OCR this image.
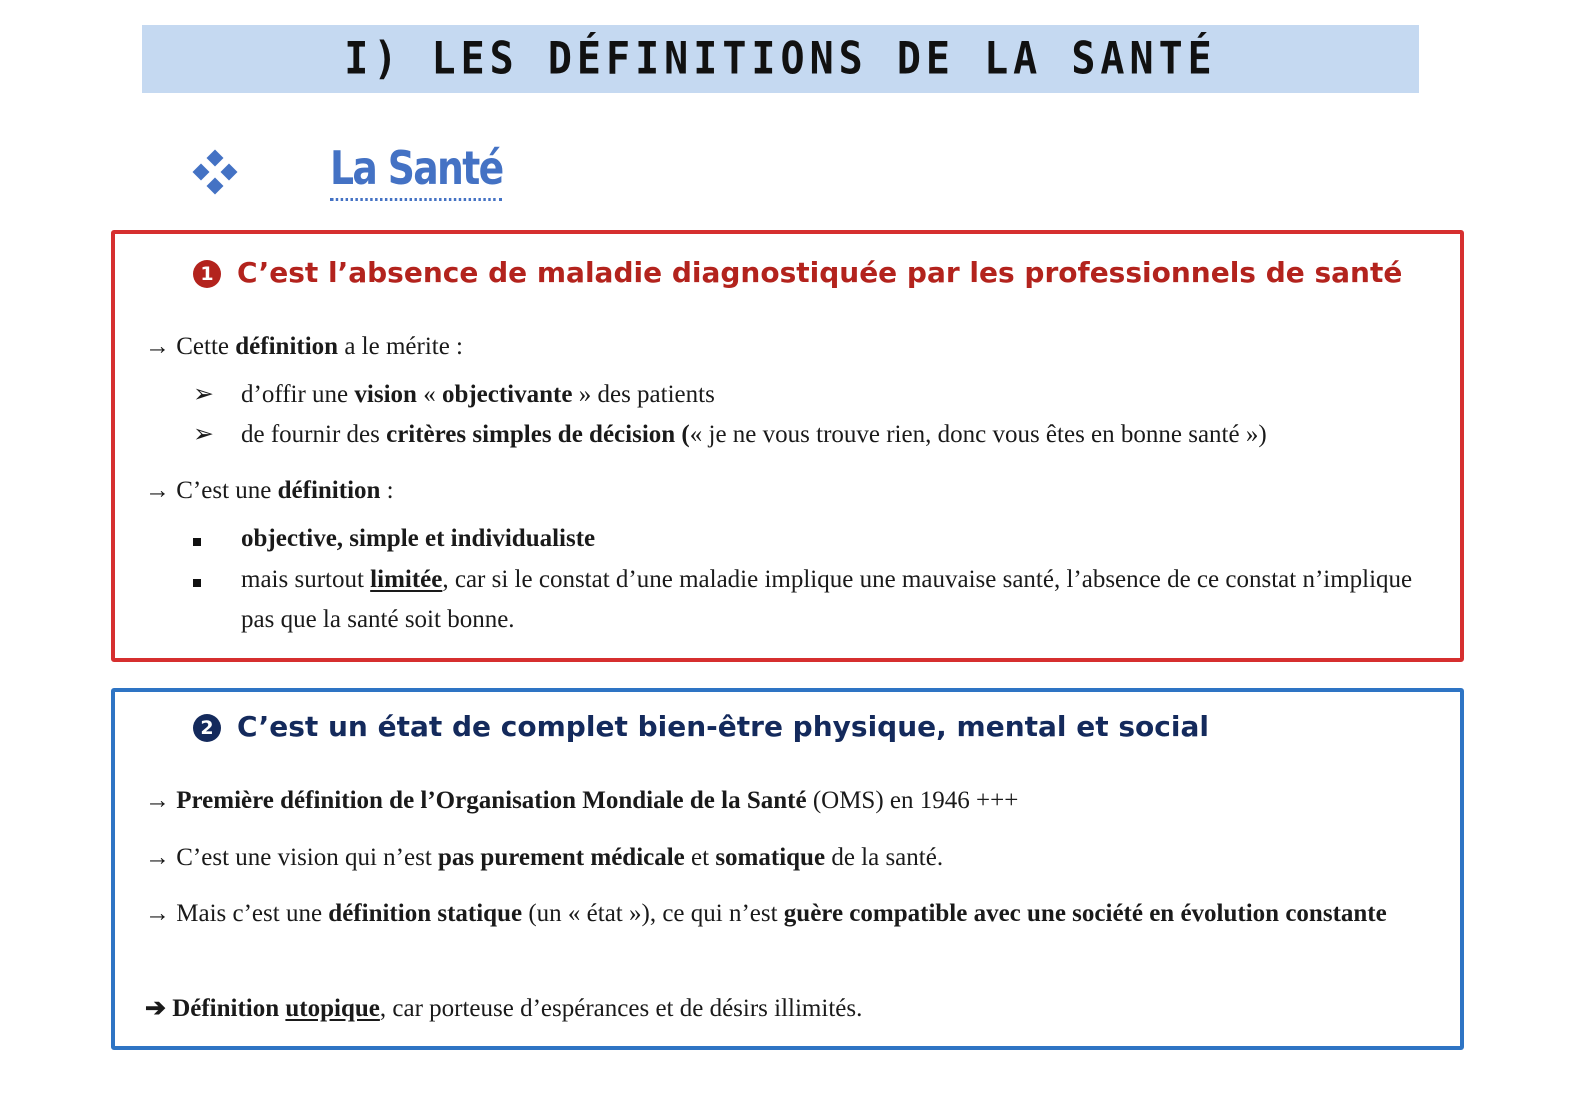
I) LES DÉFINITIONS DE LA SANTÉ
La Santé
1 C’est l’absence de maladie diagnostiquée par les professionnels de santé
→ Cette définition a le mérite :
➢ d’offir une vision « objectivante » des patients
➢ de fournir des critères simples de décision (« je ne vous trouve rien, donc vous êtes en bonne santé »)
→ C’est une définition :
objective, simple et individualiste
mais surtout limitée, car si le constat d’une maladie implique une mauvaise santé, l’absence de ce constat n’implique pas que la santé soit bonne.
2 C’est un état de complet bien-être physique, mental et social
→ Première définition de l’Organisation Mondiale de la Santé (OMS) en 1946 +++
→ C’est une vision qui n’est pas purement médicale et somatique de la santé.
→ Mais c’est une définition statique (un « état »), ce qui n’est guère compatible avec une société en évolution constante
➔ Définition utopique, car porteuse d’espérances et de désirs illimités.
